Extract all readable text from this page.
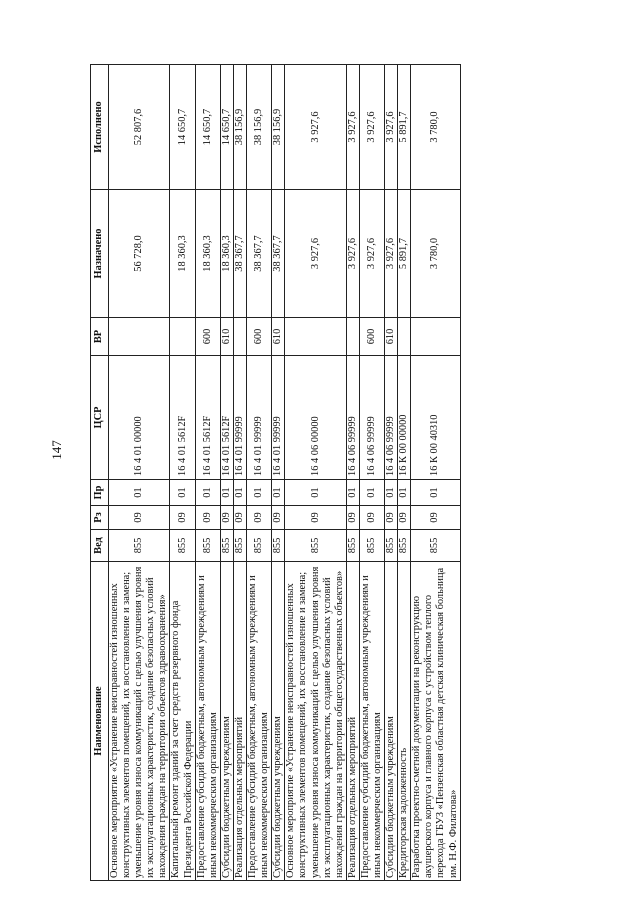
147
Наименование	Вед	Рз	Пр	ЦСР	ВР	Назначено	Исполнено
Основное мероприятие «Устранение неисправностей изношенных конструктивных элементов помещений, их восстановление и замена; уменьшение уровня износа коммуникаций с целью улучшения уровня их эксплуатационных характеристик, создание безопасных условий нахождения граждан на территории объектов здравоохранения»	855	09	01	16 4 01 00000		56 728,0	52 807,6
Капитальный ремонт зданий за счет средств резервного фонда Президента Российской Федерации	855	09	01	16 4 01 5612F		18 360,3	14 650,7
Предоставление субсидий бюджетным, автономным учреждениям и иным некоммерческим организациям	855	09	01	16 4 01 5612F	600	18 360,3	14 650,7
Субсидии бюджетным учреждениям	855	09	01	16 4 01 5612F	610	18 360,3	14 650,7
Реализация отдельных мероприятий	855	09	01	16 4 01 99999		38 367,7	38 156,9
Предоставление субсидий бюджетным, автономным учреждениям и иным некоммерческим организациям	855	09	01	16 4 01 99999	600	38 367,7	38 156,9
Субсидии бюджетным учреждениям	855	09	01	16 4 01 99999	610	38 367,7	38 156,9
Основное мероприятие «Устранение неисправностей изношенных конструктивных элементов помещений, их восстановление и замена; уменьшение уровня износа коммуникаций с целью улучшения уровня их эксплуатационных характеристик, создание безопасных условий нахождения граждан на территории общегосударственных объектов»	855	09	01	16 4 06 00000		3 927,6	3 927,6
Реализация отдельных мероприятий	855	09	01	16 4 06 99999		3 927,6	3 927,6
Предоставление субсидий бюджетным, автономным учреждениям и иным некоммерческим организациям	855	09	01	16 4 06 99999	600	3 927,6	3 927,6
Субсидии бюджетным учреждениям	855	09	01	16 4 06 99999	610	3 927,6	3 927,6
Кредиторская задолженность	855	09	01	16 К 00 00000		5 891,7	5 891,7
Разработка проектно-сметной документации на реконструкцию акушерского корпуса и главного корпуса с устройством теплого перехода ГБУЗ «Пензенская областная детская клиническая больница им. Н.Ф. Филатова»	855	09	01	16 К 00 40310		3 780,0	3 780,0
